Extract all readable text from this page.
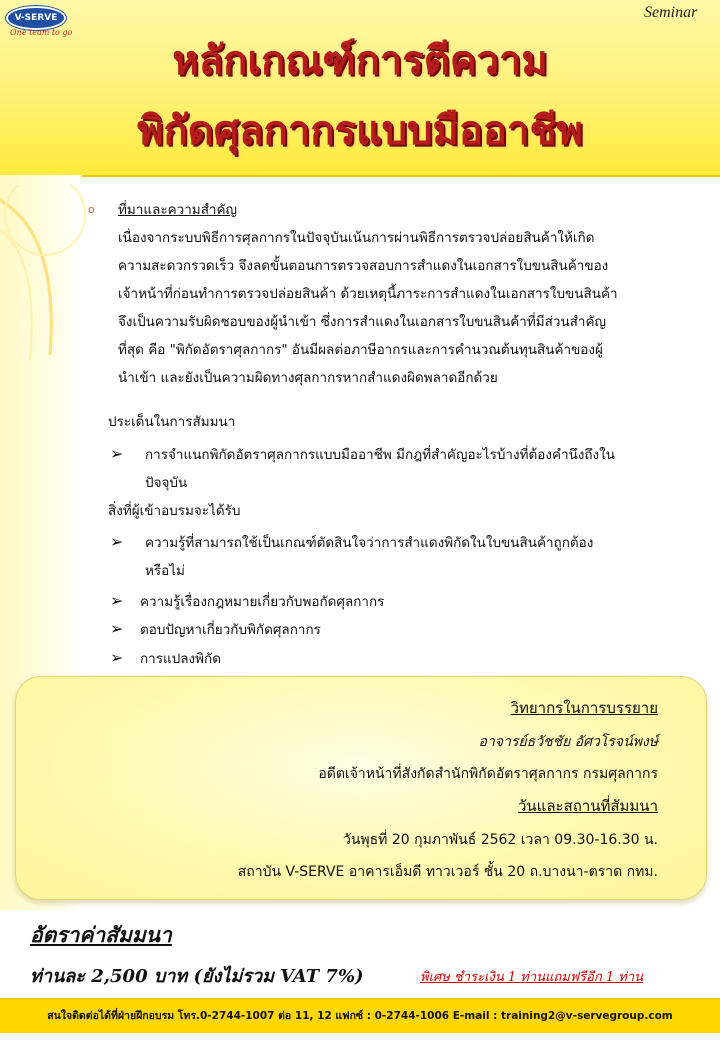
V-SERVE
One team to go
Seminar
หลักเกณฑ์การตีความ
พิกัดศุลกากรแบบมืออาชีพ
o ที่มาและความสำคัญ
เนื่องจากระบบพิธีการศุลกากรในปัจจุบันเน้นการผ่านพิธีการตรวจปล่อยสินค้าให้เกิด
ความสะดวกรวดเร็ว จึงลดขั้นตอนการตรวจสอบการสำแดงในเอกสารใบขนสินค้าของ
เจ้าหน้าที่ก่อนทำการตรวจปล่อยสินค้า ด้วยเหตุนี้ภาระการสำแดงในเอกสารใบขนสินค้า
จึงเป็นความรับผิดชอบของผู้นำเข้า ซึ่งการสำแดงในเอกสารใบขนสินค้าที่มีส่วนสำคัญ
ที่สุด คือ "พิกัดอัตราศุลกากร" อันมีผลต่อภาษีอากรและการคำนวณต้นทุนสินค้าของผู้
นำเข้า และยังเป็นความผิดทางศุลกากรหากสำแดงผิดพลาดอีกด้วย
ประเด็นในการสัมมนา
➢ การจำแนกพิกัดอัตราศุลกากรแบบมืออาชีพ มีกฎที่สำคัญอะไรบ้างที่ต้องคำนึงถึงใน
ปัจจุบัน
สิ่งที่ผู้เข้าอบรมจะได้รับ
➢ ความรู้ที่สามารถใช้เป็นเกณฑ์ตัดสินใจว่าการสำแดงพิกัดในใบขนสินค้าถูกต้อง
หรือไม่
➢ ความรู้เรื่องกฎหมายเกี่ยวกับพอกัดศุลกากร
➢ ตอบปัญหาเกี่ยวกับพิกัดศุลกากร
➢ การแปลงพิกัด
วิทยากรในการบรรยาย
อาจารย์ธวัชชัย อัศวโรจน์พงษ์
อดีตเจ้าหน้าที่สังกัดสำนักพิกัดอัตราศุลกากร กรมศุลกากร
วันและสถานที่สัมมนา
วันพุธที่ 20 กุมภาพันธ์ 2562 เวลา 09.30-16.30 น.
สถาบัน V-SERVE อาคารเอ็มดี ทาวเวอร์ ชั้น 20 ถ.บางนา-ตราด กทม.
อัตราค่าสัมมนา
ท่านละ 2,500 บาท (ยังไม่รวม VAT 7%)	พิเศษ ชำระเงิน 1 ท่านแถมฟรีอีก 1 ท่าน
สนใจติดต่อได้ที่ฝ่ายฝึกอบรม โทร.0-2744-1007 ต่อ 11, 12 แฟกซ์ : 0-2744-1006 E-mail : training2@v-servegroup.com
